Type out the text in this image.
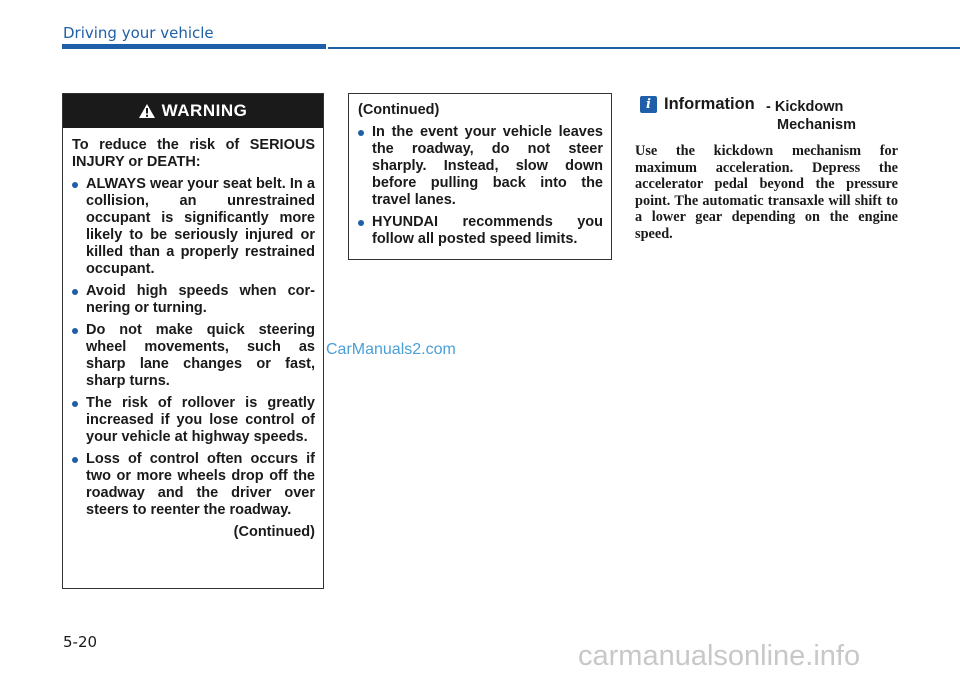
Driving your vehicle
WARNING

To reduce the risk of SERIOUS INJURY or DEATH:

ALWAYS wear your seat belt. In a collision, an unrestrained occupant is significantly more likely to be seriously injured or killed than a properly restrained occupant.
Avoid high speeds when cor-nering or turning.
Do not make quick steering wheel movements, such as sharp lane changes or fast, sharp turns.
The risk of rollover is greatly increased if you lose control of your vehicle at highway speeds.
Loss of control often occurs if two or more wheels drop off the roadway and the driver over steers to reenter the roadway.
(Continued)

(Continued)

In the event your vehicle leaves the roadway, do not steer sharply. Instead, slow down before pulling back into the travel lanes.
HYUNDAI recommends you follow all posted speed limits.
i Information - Kickdown
Mechanism
Use the kickdown mechanism for maximum acceleration. Depress the accelerator pedal beyond the pressure point. The automatic transaxle will shift to a lower gear depending on the engine speed.
CarManuals2.com
5-20	carmanualsonline.info
